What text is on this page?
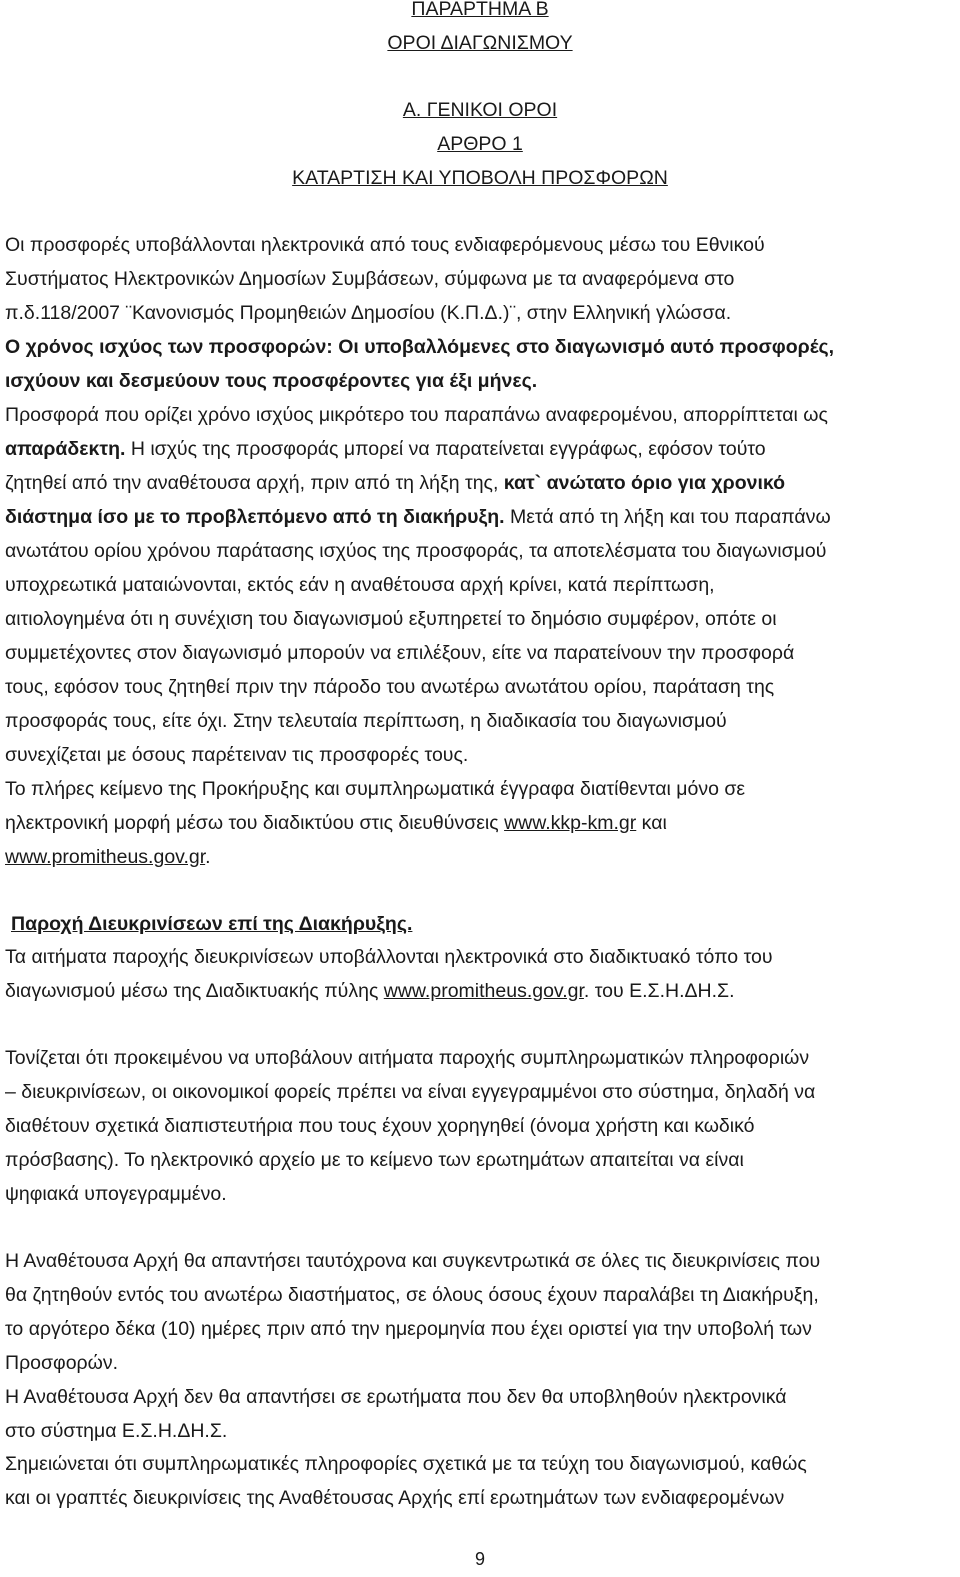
ΠΑΡΑΡΤΗΜΑ Β
ΟΡΟΙ ΔΙΑΓΩΝΙΣΜΟΥ
Α. ΓΕΝΙΚΟΙ ΟΡΟΙ
ΑΡΘΡΟ 1
ΚΑΤΑΡΤΙΣΗ ΚΑΙ ΥΠΟΒΟΛΗ ΠΡΟΣΦΟΡΩΝ
Οι προσφορές υποβάλλονται ηλεκτρονικά από τους ενδιαφερόμενους μέσω του Εθνικού
Συστήματος Ηλεκτρονικών Δημοσίων Συμβάσεων, σύμφωνα με τα αναφερόμενα στο
π.δ.118/2007 ¨Κανονισμός Προμηθειών Δημοσίου (Κ.Π.Δ.)¨, στην Ελληνική γλώσσα.
Ο χρόνος ισχύος των προσφορών: Οι υποβαλλόμενες στο διαγωνισμό αυτό προσφορές,
ισχύουν και δεσμεύουν τους προσφέροντες για έξι μήνες.
Προσφορά που ορίζει χρόνο ισχύος μικρότερο του παραπάνω αναφερομένου, απορρίπτεται ως
απαράδεκτη. Η ισχύς της προσφοράς μπορεί να παρατείνεται εγγράφως, εφόσον τούτο
ζητηθεί από την αναθέτουσα αρχή, πριν από τη λήξη της, κατ` ανώτατο όριο για χρονικό
διάστημα ίσο με το προβλεπόμενο από τη διακήρυξη. Μετά από τη λήξη και του παραπάνω
ανωτάτου ορίου χρόνου παράτασης ισχύος της προσφοράς, τα αποτελέσματα του διαγωνισμού
υποχρεωτικά ματαιώνονται, εκτός εάν η αναθέτουσα αρχή κρίνει, κατά περίπτωση,
αιτιολογημένα ότι η συνέχιση του διαγωνισμού εξυπηρετεί το δημόσιο συμφέρον, οπότε οι
συμμετέχοντες στον διαγωνισμό μπορούν να επιλέξουν, είτε να παρατείνουν την προσφορά
τους, εφόσον τους ζητηθεί πριν την πάροδο του ανωτέρω ανωτάτου ορίου, παράταση της
προσφοράς τους, είτε όχι. Στην τελευταία περίπτωση, η διαδικασία του διαγωνισμού
συνεχίζεται με όσους παρέτειναν τις προσφορές τους.
Το πλήρες κείμενο της Προκήρυξης και συμπληρωματικά έγγραφα διατίθενται μόνο σε
ηλεκτρονική μορφή μέσω του διαδικτύου στις διευθύνσεις www.kkp-km.gr και
www.promitheus.gov.gr.
Παροχή Διευκρινίσεων επί της Διακήρυξης.
Τα αιτήματα παροχής διευκρινίσεων υποβάλλονται ηλεκτρονικά στο διαδικτυακό τόπο του
διαγωνισμού μέσω της Διαδικτυακής πύλης www.promitheus.gov.gr. του Ε.Σ.Η.ΔΗ.Σ.
Τονίζεται ότι προκειμένου να υποβάλουν αιτήματα παροχής συμπληρωματικών πληροφοριών
– διευκρινίσεων, οι οικονομικοί φορείς πρέπει να είναι εγγεγραμμένοι στο σύστημα, δηλαδή να
διαθέτουν σχετικά διαπιστευτήρια που τους έχουν χορηγηθεί (όνομα χρήστη και κωδικό
πρόσβασης). Το ηλεκτρονικό αρχείο με το κείμενο των ερωτημάτων απαιτείται να είναι
ψηφιακά υπογεγραμμένο.
Η Αναθέτουσα Αρχή θα απαντήσει ταυτόχρονα και συγκεντρωτικά σε όλες τις διευκρινίσεις που
θα ζητηθούν εντός του ανωτέρω διαστήματος, σε όλους όσους έχουν παραλάβει τη Διακήρυξη,
το αργότερο δέκα (10) ημέρες πριν από την ημερομηνία που έχει οριστεί για την υποβολή των
Προσφορών.
Η Αναθέτουσα Αρχή δεν θα απαντήσει σε ερωτήματα που δεν θα υποβληθούν ηλεκτρονικά
στο σύστημα Ε.Σ.Η.ΔΗ.Σ.
Σημειώνεται ότι συμπληρωματικές πληροφορίες σχετικά με τα τεύχη του διαγωνισμού, καθώς
και οι γραπτές διευκρινίσεις της Αναθέτουσας Αρχής επί ερωτημάτων των ενδιαφερομένων
9
